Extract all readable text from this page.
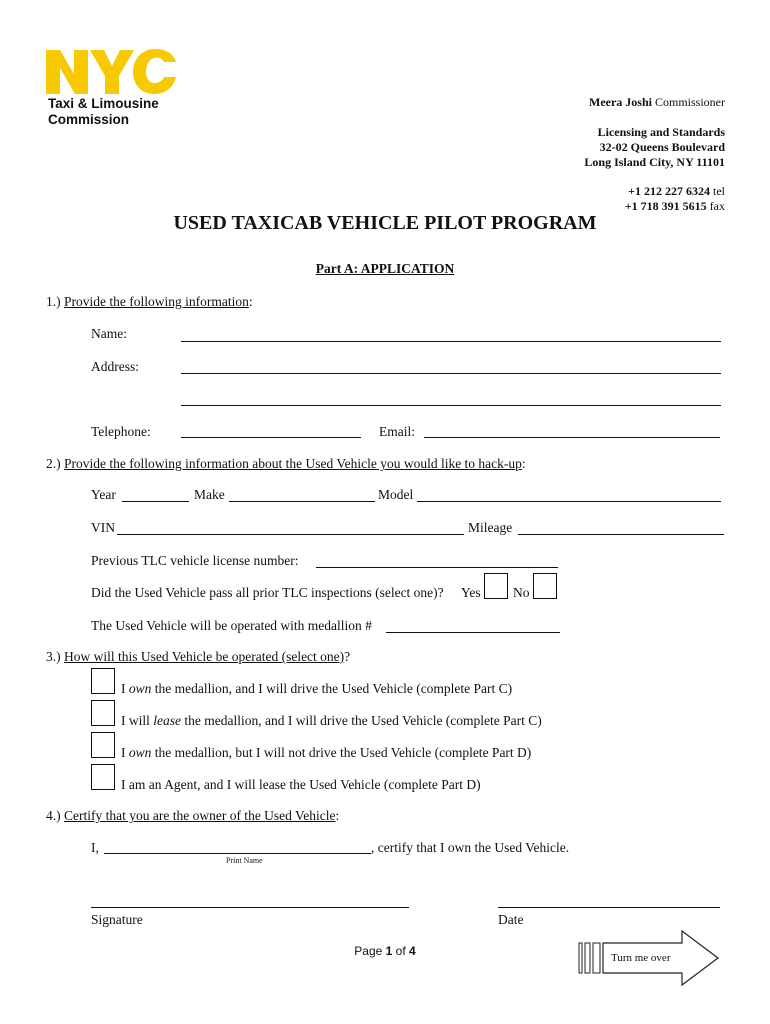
Taxi & Limousine
Commission
Meera Joshi Commissioner
Licensing and Standards
32-02 Queens Boulevard
Long Island City, NY 11101
+1 212 227 6324 tel
+1 718 391 5615 fax
USED TAXICAB VEHICLE PILOT PROGRAM
Part A: APPLICATION
1.) Provide the following information:
Name:
Address:
Telephone:	Email:
2.) Provide the following information about the Used Vehicle you would like to hack-up:
Year	Make	Model
VIN	Mileage
Previous TLC vehicle license number:
Did the Used Vehicle pass all prior TLC inspections (select one)? Yes No
The Used Vehicle will be operated with medallion #
3.) How will this Used Vehicle be operated (select one)?
I own the medallion, and I will drive the Used Vehicle (complete Part C)
I will lease the medallion, and I will drive the Used Vehicle (complete Part C)
I own the medallion, but I will not drive the Used Vehicle (complete Part D)
I am an Agent, and I will lease the Used Vehicle (complete Part D)
4.) Certify that you are the owner of the Used Vehicle:
I,	, certify that I own the Used Vehicle.
Print Name
Signature	Date
Page 1 of 4	Turn me over
